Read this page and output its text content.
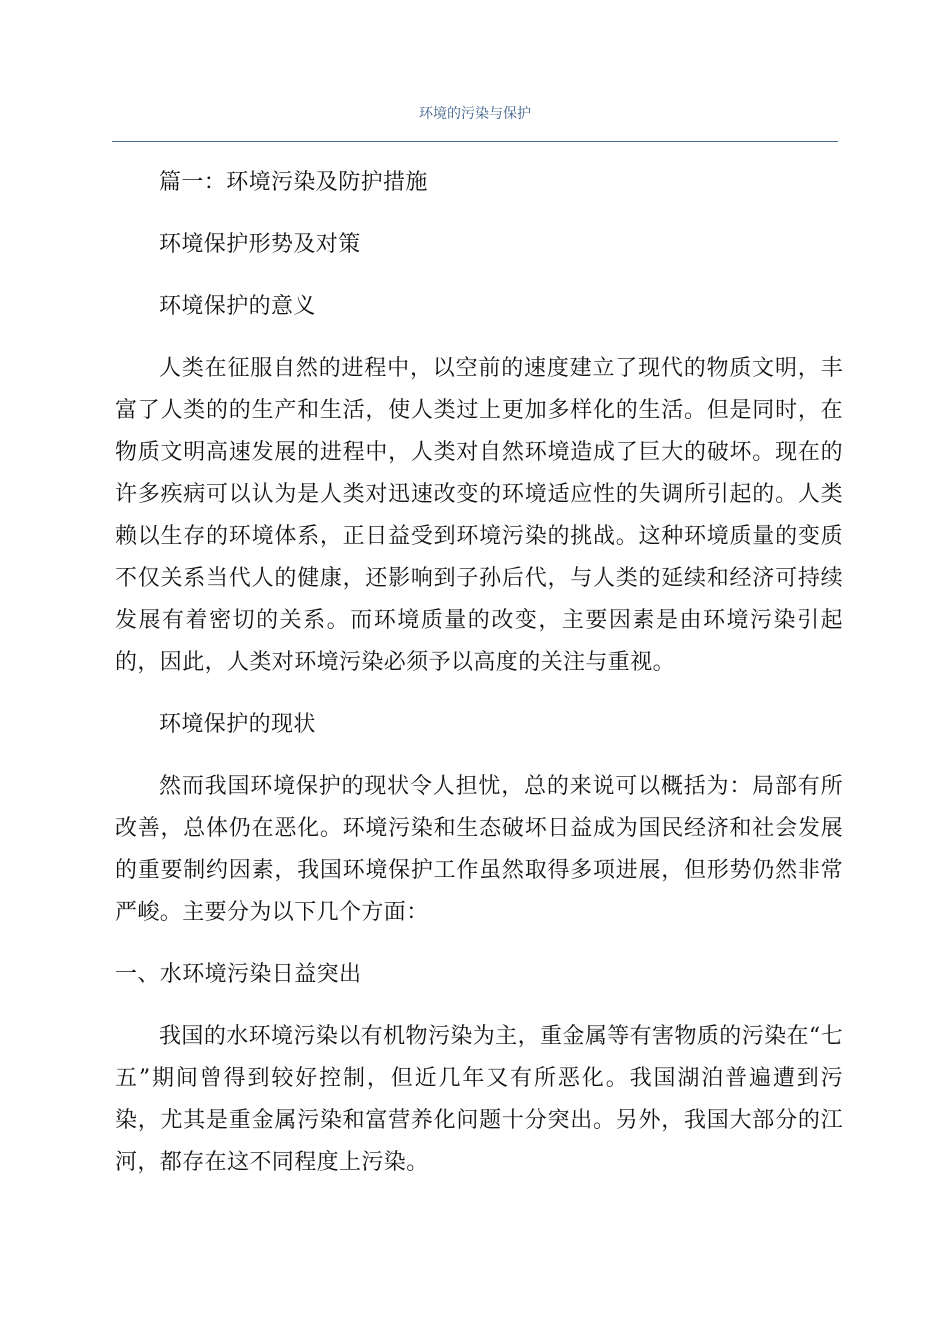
环境的污染与保护

篇一：环境污染及防护措施

环境保护形势及对策

环境保护的意义

人类在征服自然的进程中，以空前的速度建立了现代的物质文明，丰富了人类的的生产和生活，使人类过上更加多样化的生活。但是同时，在物质文明高速发展的进程中，人类对自然环境造成了巨大的破坏。现在的许多疾病可以认为是人类对迅速改变的环境适应性的失调所引起的。人类赖以生存的环境体系，正日益受到环境污染的挑战。这种环境质量的变质不仅关系当代人的健康，还影响到子孙后代，与人类的延续和经济可持续发展有着密切的关系。而环境质量的改变，主要因素是由环境污染引起的，因此，人类对环境污染必须予以高度的关注与重视。

环境保护的现状

然而我国环境保护的现状令人担忧，总的来说可以概括为：局部有所改善，总体仍在恶化。环境污染和生态破坏日益成为国民经济和社会发展的重要制约因素，我国环境保护工作虽然取得多项进展，但形势仍然非常严峻。主要分为以下几个方面：

一、水环境污染日益突出

我国的水环境污染以有机物污染为主，重金属等有害物质的污染在“七五”期间曾得到较好控制，但近几年又有所恶化。我国湖泊普遍遭到污染，尤其是重金属污染和富营养化问题十分突出。另外，我国大部分的江河，都存在这不同程度上污染。
